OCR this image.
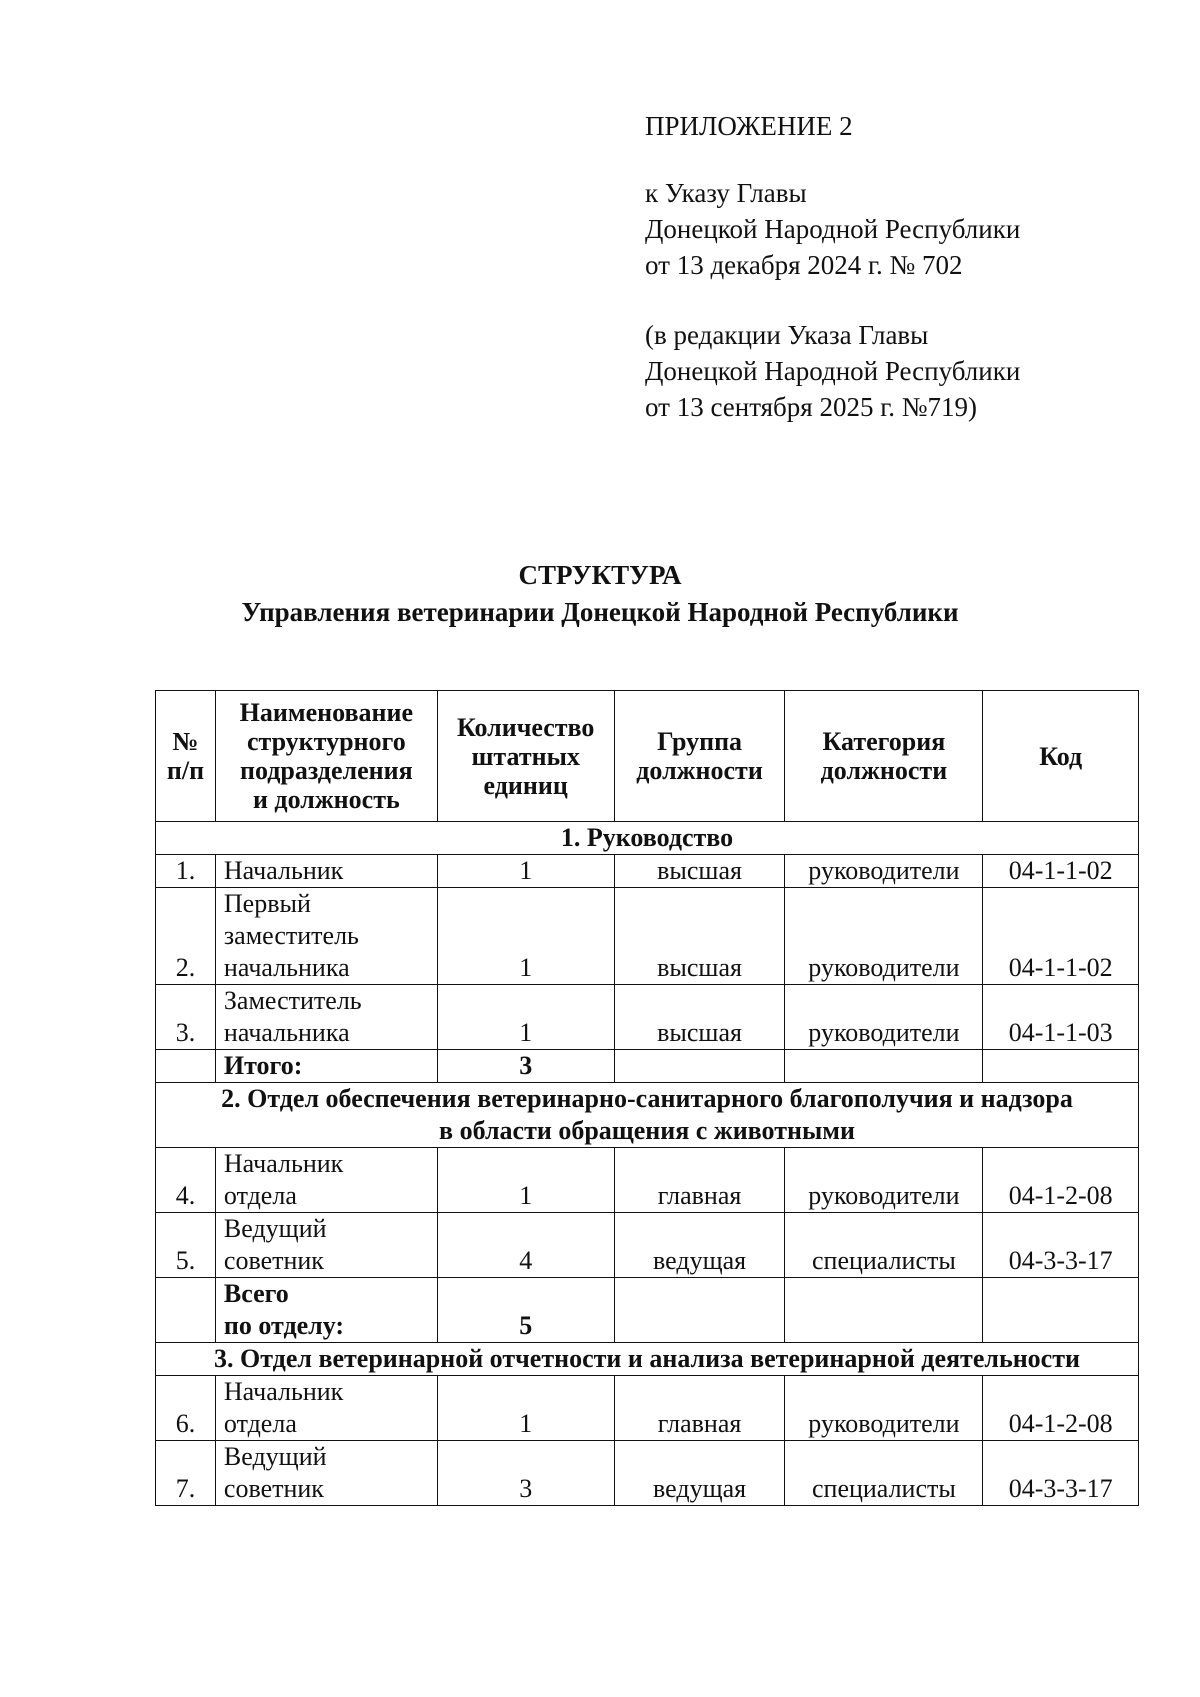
ПРИЛОЖЕНИЕ 2

к Указу Главы

Донецкой Народной Республики

от 13 декабря 2024 г. № 702

(в редакции Указа Главы

Донецкой Народной Республики

от 13 сентября 2025 г. №719)

СТРУКТУРА
Управления ветеринарии Донецкой Народной Республики
№
п/п	Наименование
структурного
подразделения
и должность	Количество
штатных
единиц	Группа
должности	Категория
должности	Код
1. Руководство					
1.	Начальник	1	высшая	руководители	04-1-1-02
2.	Первый
заместитель
начальника	1	высшая	руководители	04-1-1-02
3.	Заместитель
начальника	1	высшая	руководители	04-1-1-03
	Итого:	3			
2. Отдел обеспечения ветеринарно-санитарного благополучия и надзора
в области обращения с животными					
4.	Начальник
отдела	1	главная	руководители	04-1-2-08
5.	Ведущий
советник	4	ведущая	специалисты	04-3-3-17
	Всего
по отделу:	5			
3. Отдел ветеринарной отчетности и анализа ветеринарной деятельности					
6.	Начальник
отдела	1	главная	руководители	04-1-2-08
7.	Ведущий
советник	3	ведущая	специалисты	04-3-3-17
